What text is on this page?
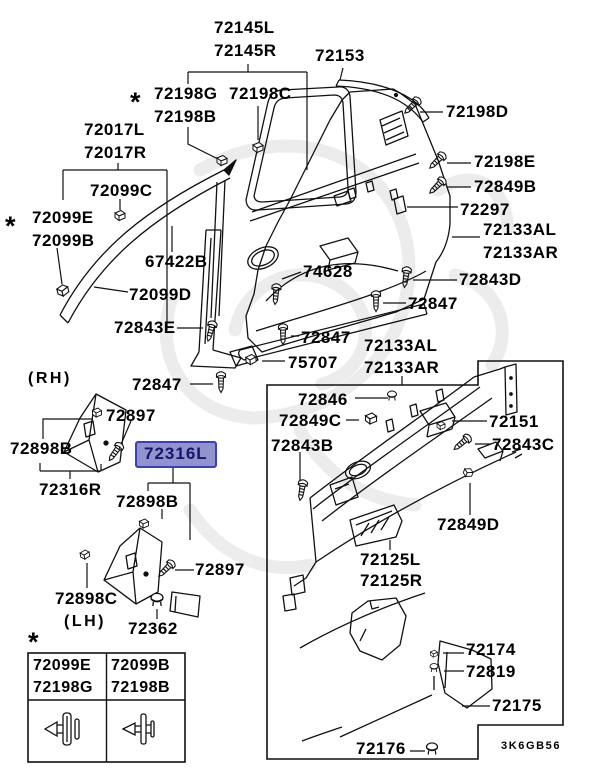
72145L
72145R 72153
72198G 72198C
72198B
*
72017L
72017R
72099C
72099E
72099B
*
67422B
72099D
72198D
72198E
72849B
72297
72133AL
72133AR
72843D
72847
74628
72847
75707
72133AL
72133AR
72843E
(RH)	72847
72897
72898B	72316L
72316R
72898B
72897
72898C
(LH) 72362
*
72846
72849C
72843B
72151
72843C
72849D
72125L
72125R
72174
72819
72175
72176
72099E
72198G
72099B
72198B
3K6GB56
